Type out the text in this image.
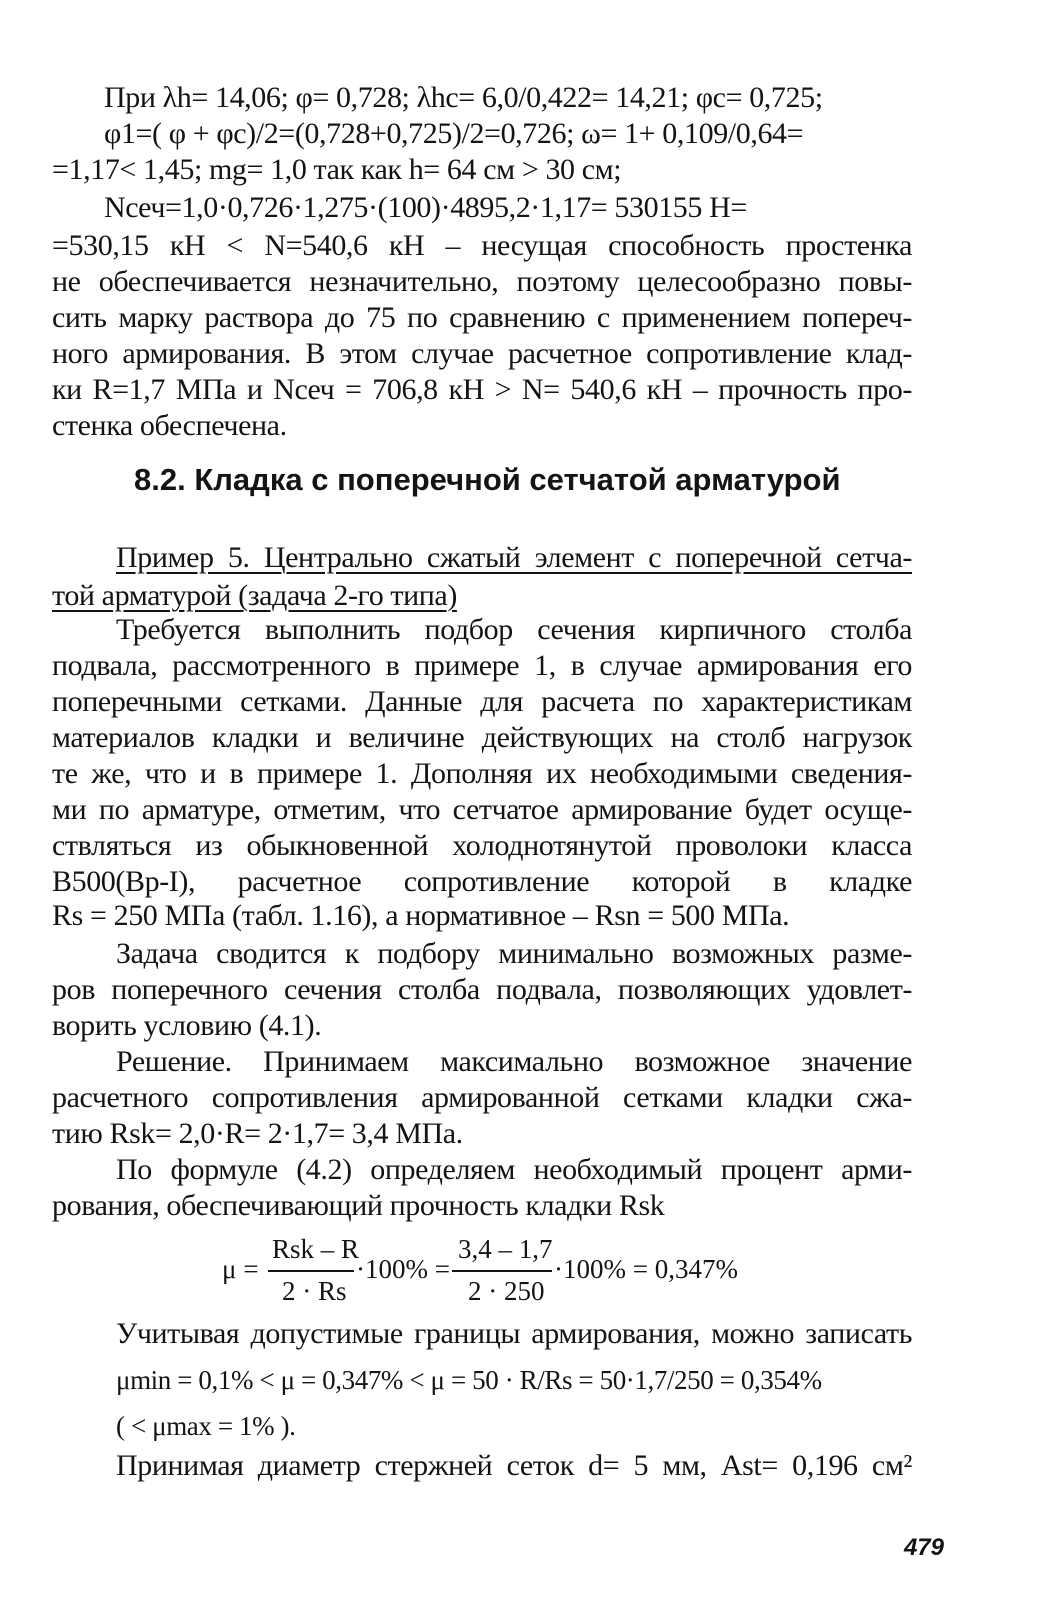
При λh= 14,06; φ= 0,728; λhc= 6,0/0,422= 14,21; φc= 0,725;
φ1=( φ + φc)/2=(0,728+0,725)/2=0,726; ω= 1+ 0,109/0,64=
=1,17< 1,45; mg= 1,0 так как h= 64 см > 30 см;
Ncеч=1,0·0,726·1,275·(100)·4895,2·1,17= 530155 Н=
=530,15 кН < N=540,6 кН – несущая способность простенка
не обеспечивается незначительно, поэтому целесообразно повы-
сить марку раствора до 75 по сравнению с применением попереч-
ного армирования. В этом случае расчетное сопротивление клад-
ки R=1,7 МПа и Ncеч = 706,8 кН > N= 540,6 кН – прочность про-
стенка обеспечена.
8.2. Кладка с поперечной сетчатой арматурой
Пример 5. Центрально сжатый элемент с поперечной сетча-
той арматурой (задача 2-го типа)
Требуется выполнить подбор сечения кирпичного столба
подвала, рассмотренного в примере 1, в случае армирования его
поперечными сетками. Данные для расчета по характеристикам
материалов кладки и величине действующих на столб нагрузок
те же, что и в примере 1. Дополняя их необходимыми сведения-
ми по арматуре, отметим, что сетчатое армирование будет осуще-
ствляться из обыкновенной холоднотянутой проволоки класса
В500(Вр-I), расчетное сопротивление которой в кладке
Rs = 250 МПа (табл. 1.16), а нормативное – Rsn = 500 МПа.
Задача сводится к подбору минимально возможных разме-
ров поперечного сечения столба подвала, позволяющих удовлет-
ворить условию (4.1).
Решение. Принимаем максимально возможное значение
расчетного сопротивления армированной сетками кладки сжа-
тию Rsk= 2,0·R= 2·1,7= 3,4 МПа.
По формуле (4.2) определяем необходимый процент арми-
рования, обеспечивающий прочность кладки Rsk
μ =
Rsk – R
2 · Rs
·100% =
3,4 – 1,7
2 · 250
·100% = 0,347%
Учитывая допустимые границы армирования, можно записать
μmin = 0,1% < μ = 0,347% < μ = 50 · R/Rs = 50·1,7/250 = 0,354%
( < μmax = 1% ).
Принимая диаметр стержней сеток d= 5 мм, Ast= 0,196 см²
479
